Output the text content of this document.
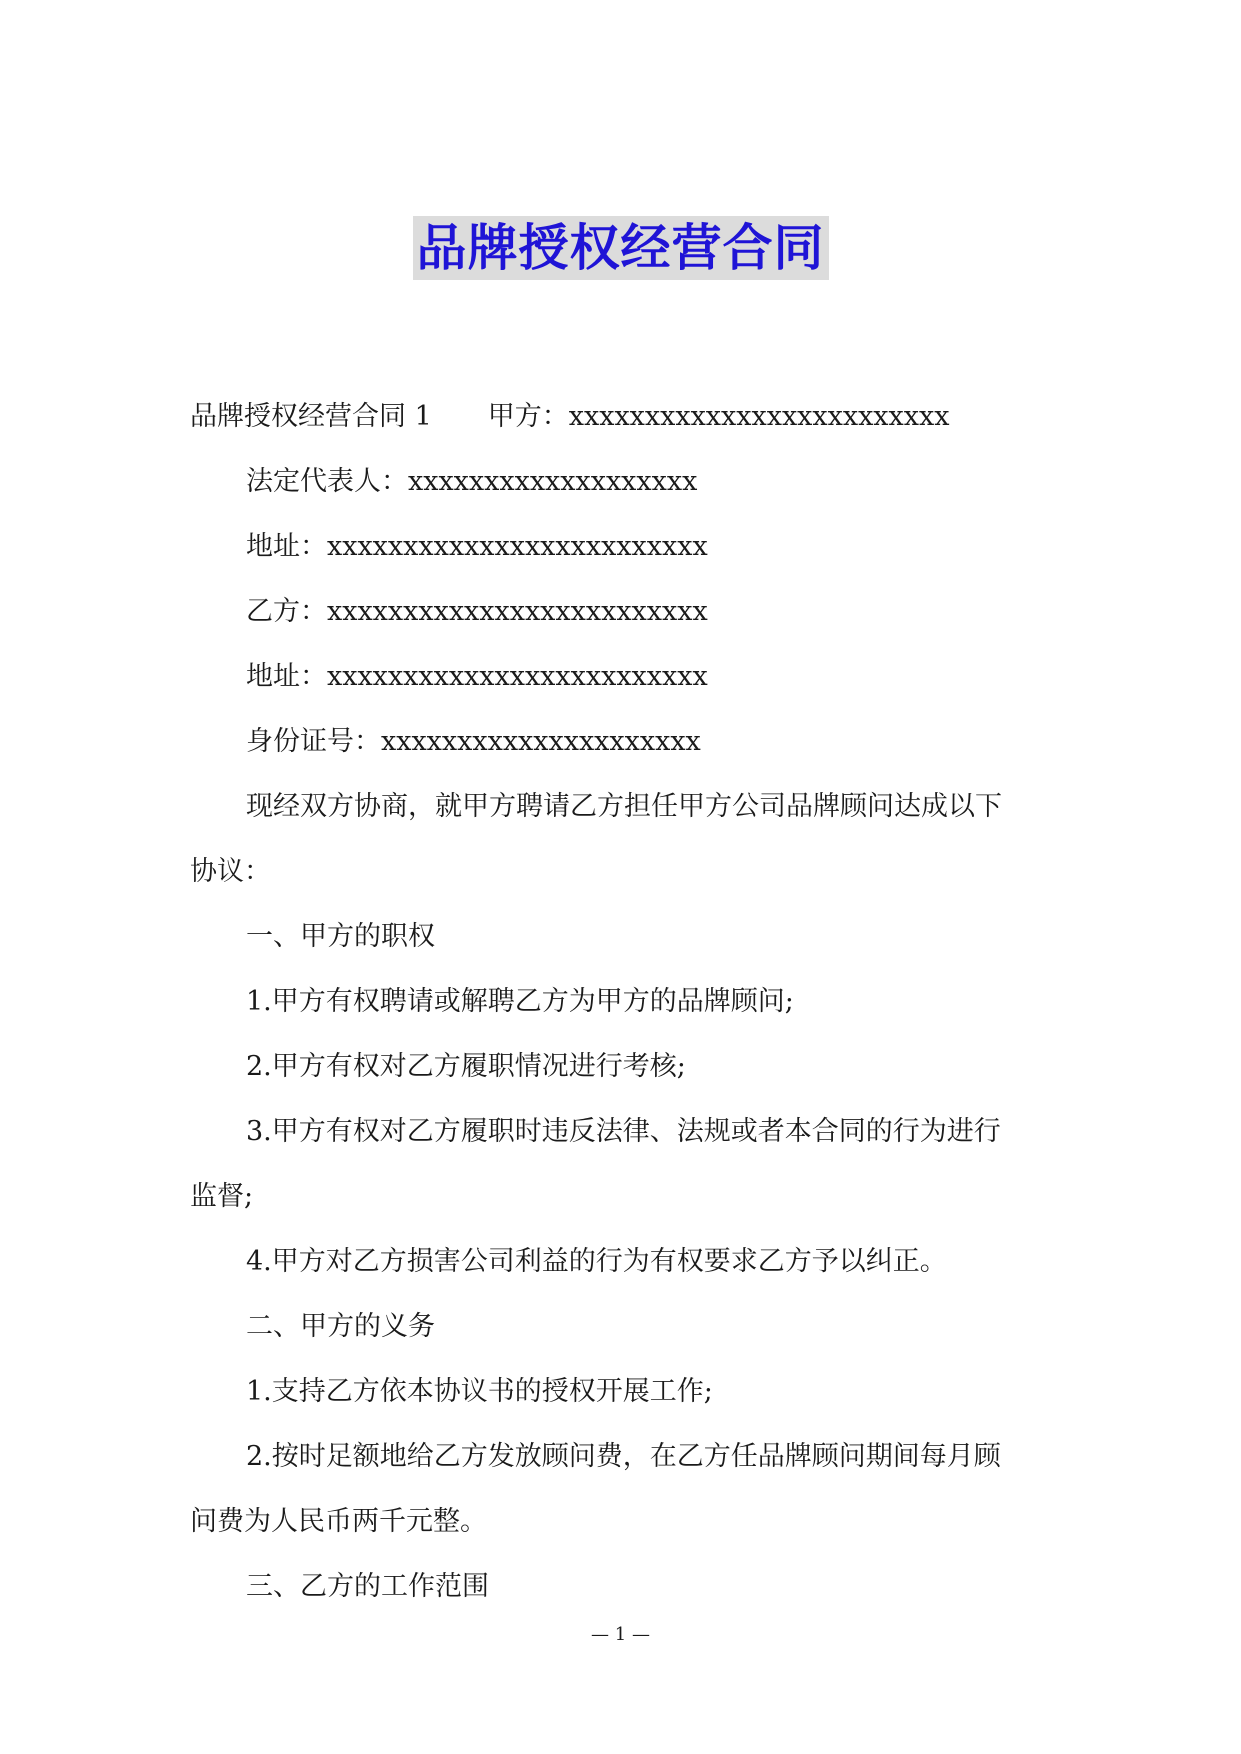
品牌授权经营合同
品牌授权经营合同 1 甲方：xxxxxxxxxxxxxxxxxxxxxxxxx
法定代表人：xxxxxxxxxxxxxxxxxxx
地址：xxxxxxxxxxxxxxxxxxxxxxxxx
乙方：xxxxxxxxxxxxxxxxxxxxxxxxx
地址：xxxxxxxxxxxxxxxxxxxxxxxxx
身份证号：xxxxxxxxxxxxxxxxxxxxx
现经双方协商，就甲方聘请乙方担任甲方公司品牌顾问达成以下
协议：
一、甲方的职权
1.甲方有权聘请或解聘乙方为甲方的品牌顾问;
2.甲方有权对乙方履职情况进行考核;
3.甲方有权对乙方履职时违反法律、法规或者本合同的行为进行
监督;
4.甲方对乙方损害公司利益的行为有权要求乙方予以纠正。
二、甲方的义务
1.支持乙方依本协议书的授权开展工作;
2.按时足额地给乙方发放顾问费，在乙方任品牌顾问期间每月顾
问费为人民币两千元整。
三、乙方的工作范围
— 1 —
